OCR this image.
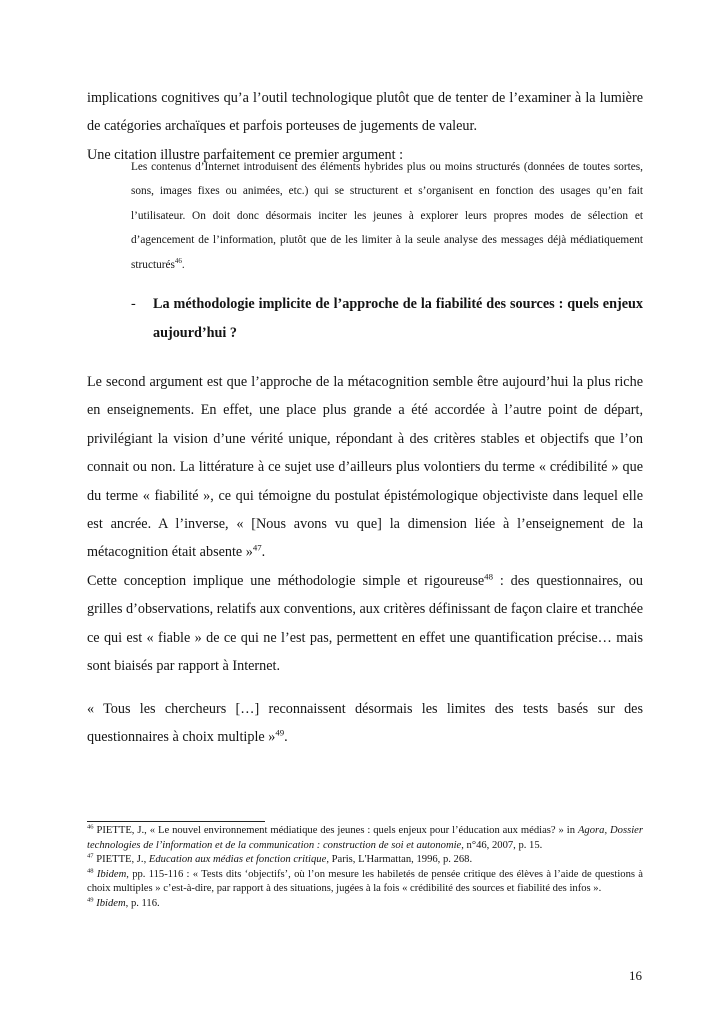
implications cognitives qu’a l’outil technologique plutôt que de tenter de l’examiner à la lumière de catégories archaïques et parfois porteuses de jugements de valeur.
Une citation illustre parfaitement ce premier argument :

Les contenus d’Internet introduisent des éléments hybrides plus ou moins structurés (données de toutes sortes, sons, images fixes ou animées, etc.) qui se structurent et s’organisent en fonction des usages qu’en fait l’utilisateur. On doit donc désormais inciter les jeunes à explorer leurs propres modes de sélection et d’agencement de l’information, plutôt que de les limiter à la seule analyse des messages déjà médiatiquement structurés$^{46}$.

-	La méthodologie implicite de l’approche de la fiabilité des sources : quels enjeux aujourd’hui ?

Le second argument est que l’approche de la métacognition semble être aujourd’hui la plus riche en enseignements. En effet, une place plus grande a été accordée à l’autre point de départ, privilégiant la vision d’une vérité unique, répondant à des critères stables et objectifs que l’on connait ou non. La littérature à ce sujet use d’ailleurs plus volontiers du terme « crédibilité » que du terme « fiabilité », ce qui témoigne du postulat épistémologique objectiviste dans lequel elle est ancrée. A l’inverse, « [Nous avons vu que] la dimension liée à l’enseignement de la métacognition était absente »$^{47}$.

Cette conception implique une méthodologie simple et rigoureuse$^{48}$ : des questionnaires, ou grilles d’observations, relatifs aux conventions, aux critères définissant de façon claire et tranchée ce qui est « fiable » de ce qui ne l’est pas, permettent en effet une quantification précise… mais sont biaisés par rapport à Internet.

« Tous les chercheurs […] reconnaissent désormais les limites des tests basés sur des questionnaires à choix multiple »$^{49}$.

$^{46}$ PIETTE, J., « Le nouvel environnement médiatique des jeunes : quels enjeux pour l’éducation aux médias? » in Agora, Dossier technologies de l’information et de la communication : construction de soi et autonomie, n°46, 2007, p. 15.

$^{47}$ PIETTE, J., Education aux médias et fonction critique, Paris, L'Harmattan, 1996, p. 268.

$^{48}$ Ibidem, pp. 115-116 : « Tests dits ‘objectifs’, où l’on mesure les habiletés de pensée critique des élèves à l’aide de questions à choix multiples » c’est-à-dire, par rapport à des situations, jugées à la fois « crédibilité des sources et fiabilité des infos ».

$^{49}$ Ibidem, p. 116.

16
